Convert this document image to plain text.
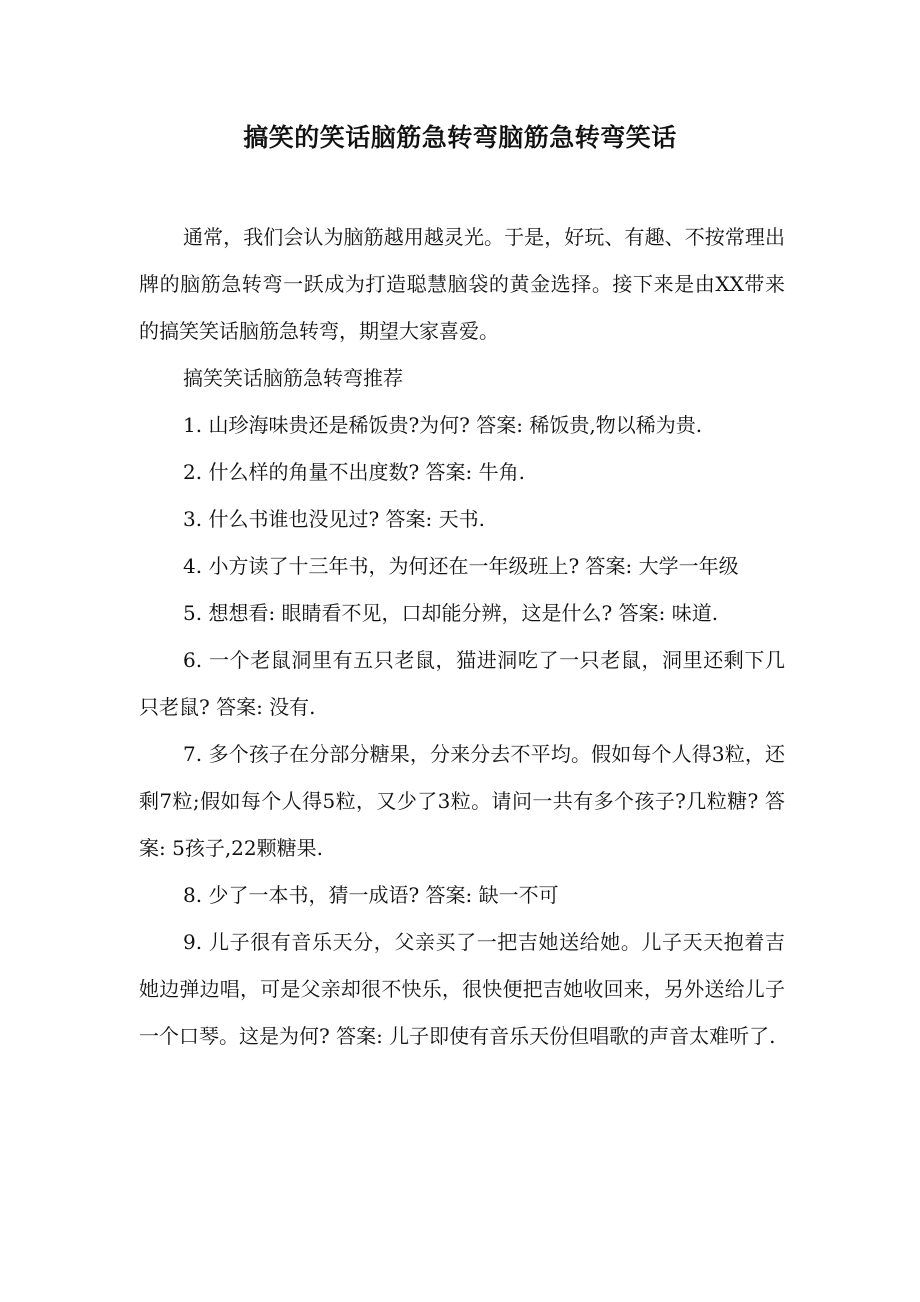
搞笑的笑话脑筋急转弯脑筋急转弯笑话

通常，我们会认为脑筋越用越灵光。于是，好玩、有趣、不按常理出牌的脑筋急转弯一跃成为打造聪慧脑袋的黄金选择。接下来是由XX带来的搞笑笑话脑筋急转弯，期望大家喜爱。

搞笑笑话脑筋急转弯推荐

1. 山珍海味贵还是稀饭贵?为何? 答案: 稀饭贵,物以稀为贵.

2. 什么样的角量不出度数? 答案: 牛角.

3. 什么书谁也没见过? 答案: 天书.

4. 小方读了十三年书，为何还在一年级班上? 答案: 大学一年级

5. 想想看: 眼睛看不见，口却能分辨，这是什么? 答案: 味道.

6. 一个老鼠洞里有五只老鼠，猫进洞吃了一只老鼠，洞里还剩下几只老鼠? 答案: 没有.

7. 多个孩子在分部分糖果，分来分去不平均。假如每个人得3粒，还剩7粒;假如每个人得5粒，又少了3粒。请问一共有多个孩子?几粒糖? 答案: 5孩子,22颗糖果.

8. 少了一本书，猜一成语? 答案: 缺一不可

9. 儿子很有音乐天分，父亲买了一把吉她送给她。儿子天天抱着吉她边弹边唱，可是父亲却很不快乐，很快便把吉她收回来，另外送给儿子一个口琴。这是为何? 答案: 儿子即使有音乐天份但唱歌的声音太难听了.
